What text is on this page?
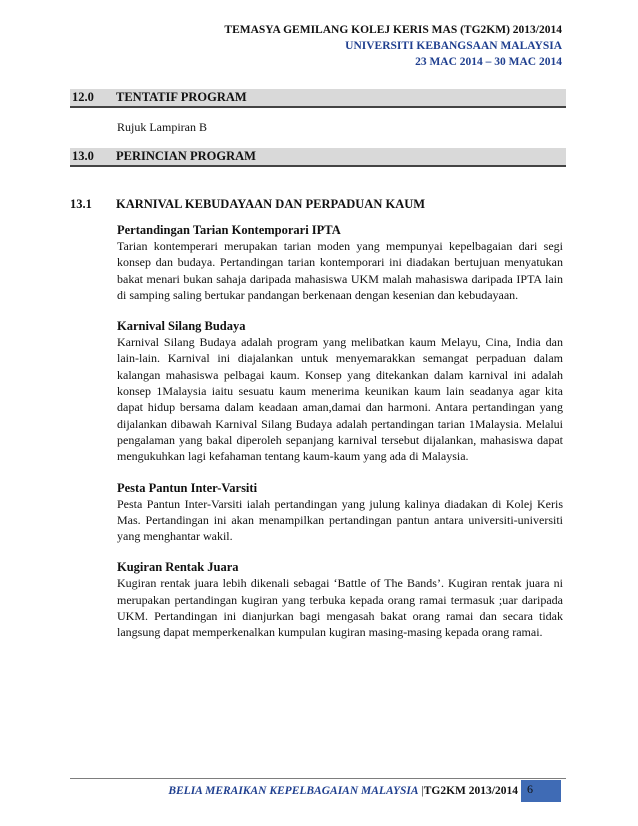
TEMASYA GEMILANG KOLEJ KERIS MAS (TG2KM) 2013/2014
UNIVERSITI KEBANGSAAN MALAYSIA
23 MAC 2014 – 30 MAC 2014
12.0 TENTATIF PROGRAM
Rujuk Lampiran B
13.0 PERINCIAN PROGRAM
13.1 KARNIVAL KEBUDAYAAN DAN PERPADUAN KAUM
Pertandingan Tarian Kontemporari IPTA

Tarian kontemperari merupakan tarian moden yang mempunyai kepelbagaian dari segi konsep dan budaya. Pertandingan tarian kontemporari ini diadakan bertujuan menyatukan bakat menari bukan sahaja daripada mahasiswa UKM malah mahasiswa daripada IPTA lain di samping saling bertukar pandangan berkenaan dengan kesenian dan kebudayaan.

Karnival Silang Budaya

Karnival Silang Budaya adalah program yang melibatkan kaum Melayu, Cina, India dan lain-lain. Karnival ini diajalankan untuk menyemarakkan semangat perpaduan dalam kalangan mahasiswa pelbagai kaum. Konsep yang ditekankan dalam karnival ini adalah konsep 1Malaysia iaitu sesuatu kaum menerima keunikan kaum lain seadanya agar kita dapat hidup bersama dalam keadaan aman,damai dan harmoni. Antara pertandingan yang dijalankan dibawah Karnival Silang Budaya adalah pertandingan tarian 1Malaysia. Melalui pengalaman yang bakal diperoleh sepanjang karnival tersebut dijalankan, mahasiswa dapat mengukuhkan lagi kefahaman tentang kaum-kaum yang ada di Malaysia.

Pesta Pantun Inter-Varsiti

Pesta Pantun Inter-Varsiti ialah pertandingan yang julung kalinya diadakan di Kolej Keris Mas. Pertandingan ini akan menampilkan pertandingan pantun antara universiti-universiti yang menghantar wakil.

Kugiran Rentak Juara

Kugiran rentak juara lebih dikenali sebagai ‘Battle of The Bands’. Kugiran rentak juara ni merupakan pertandingan kugiran yang terbuka kepada orang ramai termasuk ;uar daripada UKM. Pertandingan ini dianjurkan bagi mengasah bakat orang ramai dan secara tidak langsung dapat memperkenalkan kumpulan kugiran masing-masing kepada orang ramai.

BELIA MERAIKAN KEPELBAGAIAN MALAYSIA |TG2KM 2013/2014 6
